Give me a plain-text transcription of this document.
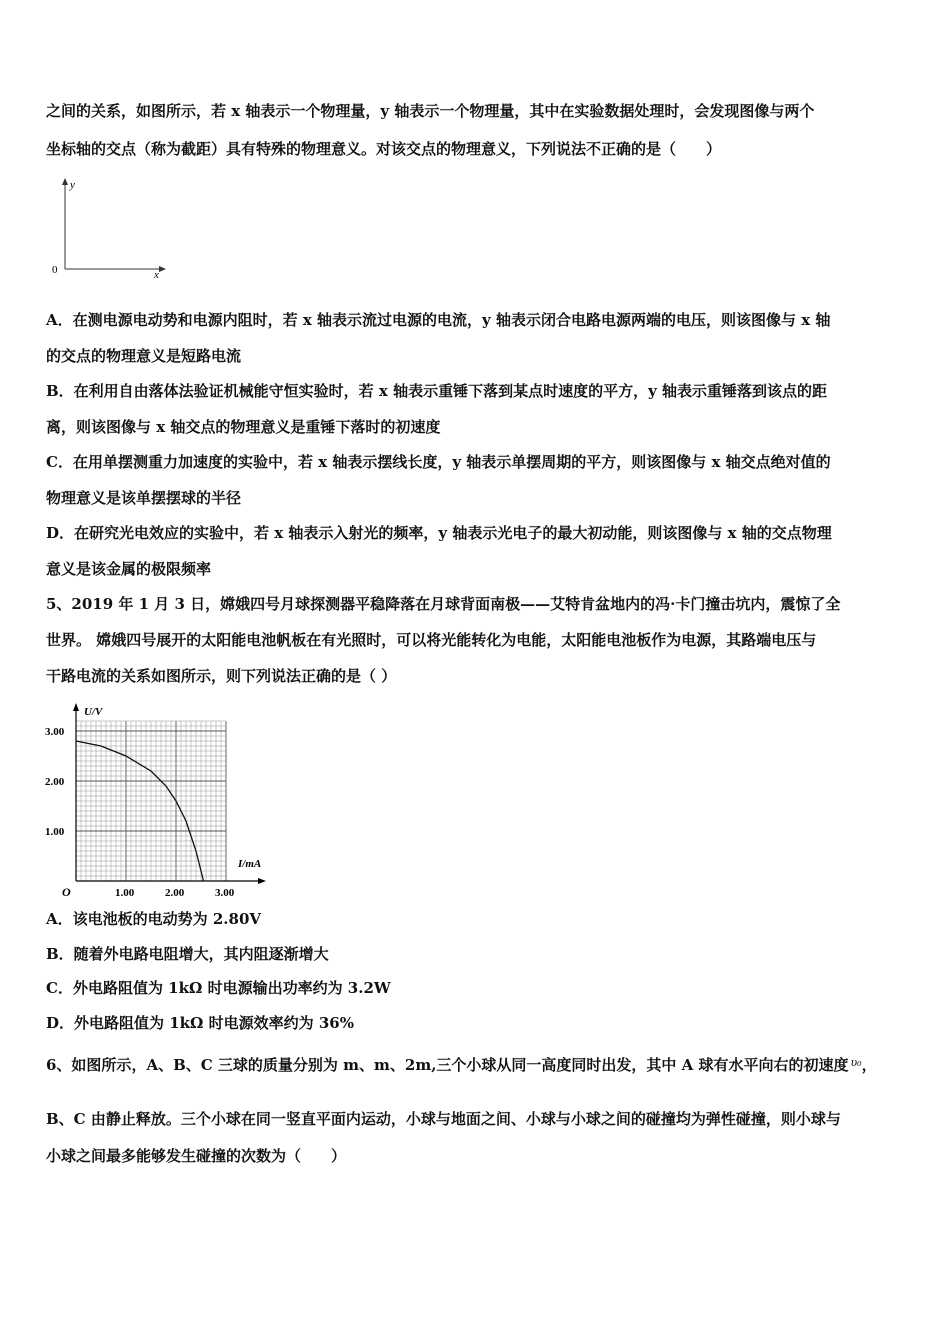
之间的关系，如图所示，若 x 轴表示一个物理量，y 轴表示一个物理量，其中在实验数据处理时，会发现图像与两个
坐标轴的交点（称为截距）具有特殊的物理意义。对该交点的物理意义，下列说法不正确的是（　　）
y
x
0
A．在测电源电动势和电源内阻时，若 x 轴表示流过电源的电流，y 轴表示闭合电路电源两端的电压，则该图像与 x 轴
的交点的物理意义是短路电流
B．在利用自由落体法验证机械能守恒实验时，若 x 轴表示重锤下落到某点时速度的平方，y 轴表示重锤落到该点的距
离，则该图像与 x 轴交点的物理意义是重锤下落时的初速度
C．在用单摆测重力加速度的实验中，若 x 轴表示摆线长度，y 轴表示单摆周期的平方，则该图像与 x 轴交点绝对值的
物理意义是该单摆摆球的半径
D．在研究光电效应的实验中，若 x 轴表示入射光的频率，y 轴表示光电子的最大初动能，则该图像与 x 轴的交点物理
意义是该金属的极限频率
5、2019 年 1 月 3 日，嫦娥四号月球探测器平稳降落在月球背面南极——艾特肯盆地内的冯·卡门撞击坑内，震惊了全
世界。 嫦娥四号展开的太阳能电池帆板在有光照时，可以将光能转化为电能，太阳能电池板作为电源，其路端电压与
干路电流的关系如图所示，则下列说法正确的是（ ）
1.00	2.00	3.00
1.00
2.00
3.00
U/V
I/mA
O
A．该电池板的电动势为 2.80V
B．随着外电路电阻增大，其内阻逐渐增大
C．外电路阻值为 1kΩ 时电源输出功率约为 3.2W
D．外电路阻值为 1kΩ 时电源效率约为 36%
6、如图所示，A、B、C 三球的质量分别为 m、m、2m,三个小球从同一高度同时出发，其中 A 球有水平向右的初速度 $^{\upsilon_0}$，
B、C 由静止释放。三个小球在同一竖直平面内运动，小球与地面之间、小球与小球之间的碰撞均为弹性碰撞，则小球与
小球之间最多能够发生碰撞的次数为（　　）
